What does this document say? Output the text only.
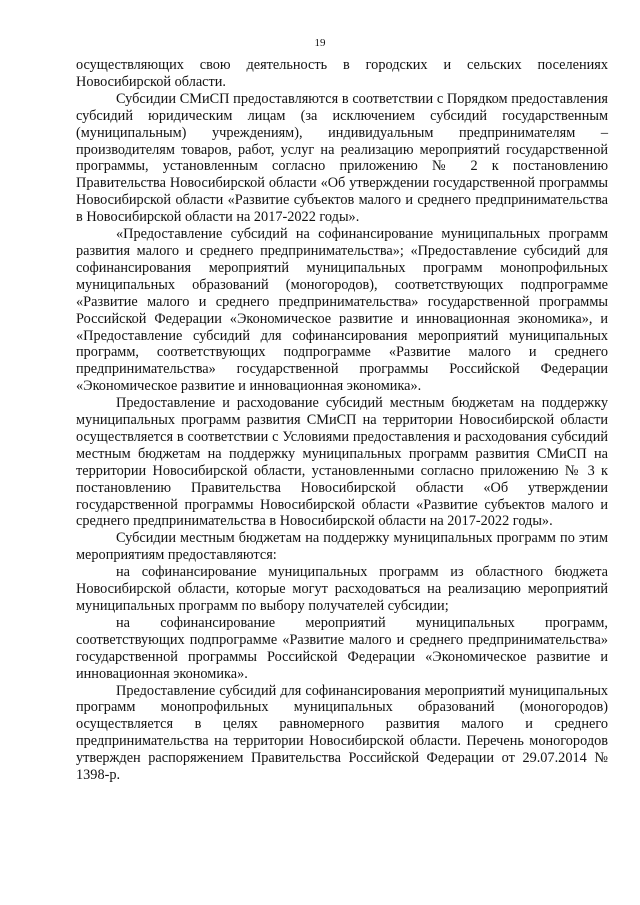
19

осуществляющих свою деятельность в городских и сельских поселениях Новосибирской области.

Субсидии СМиСП предоставляются в соответствии с Порядком предоставления субсидий юридическим лицам (за исключением субсидий государственным (муниципальным) учреждениям), индивидуальным предпринимателям – производителям товаров, работ, услуг на реализацию мероприятий государственной программы, установленным согласно приложению № 2 к постановлению Правительства Новосибирской области «Об утверждении государственной программы Новосибирской области «Развитие субъектов малого и среднего предпринимательства в Новосибирской области на 2017-2022 годы».

«Предоставление субсидий на софинансирование муниципальных программ развития малого и среднего предпринимательства»; «Предоставление субсидий для софинансирования мероприятий муниципальных программ монопрофильных муниципальных образований (моногородов), соответствующих подпрограмме «Развитие малого и среднего предпринимательства» государственной программы Российской Федерации «Экономическое развитие и инновационная экономика», и «Предоставление субсидий для софинансирования мероприятий муниципальных программ, соответствующих подпрограмме «Развитие малого и среднего предпринимательства» государственной программы Российской Федерации «Экономическое развитие и инновационная экономика».

Предоставление и расходование субсидий местным бюджетам на поддержку муниципальных программ развития СМиСП на территории Новосибирской области осуществляется в соответствии с Условиями предоставления и расходования субсидий местным бюджетам на поддержку муниципальных программ развития СМиСП на территории Новосибирской области, установленными согласно приложению № 3 к постановлению Правительства Новосибирской области «Об утверждении государственной программы Новосибирской области «Развитие субъектов малого и среднего предпринимательства в Новосибирской области на 2017-2022 годы».

Субсидии местным бюджетам на поддержку муниципальных программ по этим мероприятиям предоставляются:

на софинансирование муниципальных программ из областного бюджета Новосибирской области, которые могут расходоваться на реализацию мероприятий муниципальных программ по выбору получателей субсидии;

на софинансирование мероприятий муниципальных программ, соответствующих подпрограмме «Развитие малого и среднего предпринимательства» государственной программы Российской Федерации «Экономическое развитие и инновационная экономика».

Предоставление субсидий для софинансирования мероприятий муниципальных программ монопрофильных муниципальных образований (моногородов) осуществляется в целях равномерного развития малого и среднего предпринимательства на территории Новосибирской области. Перечень моногородов утвержден распоряжением Правительства Российской Федерации от 29.07.2014 № 1398-р.
